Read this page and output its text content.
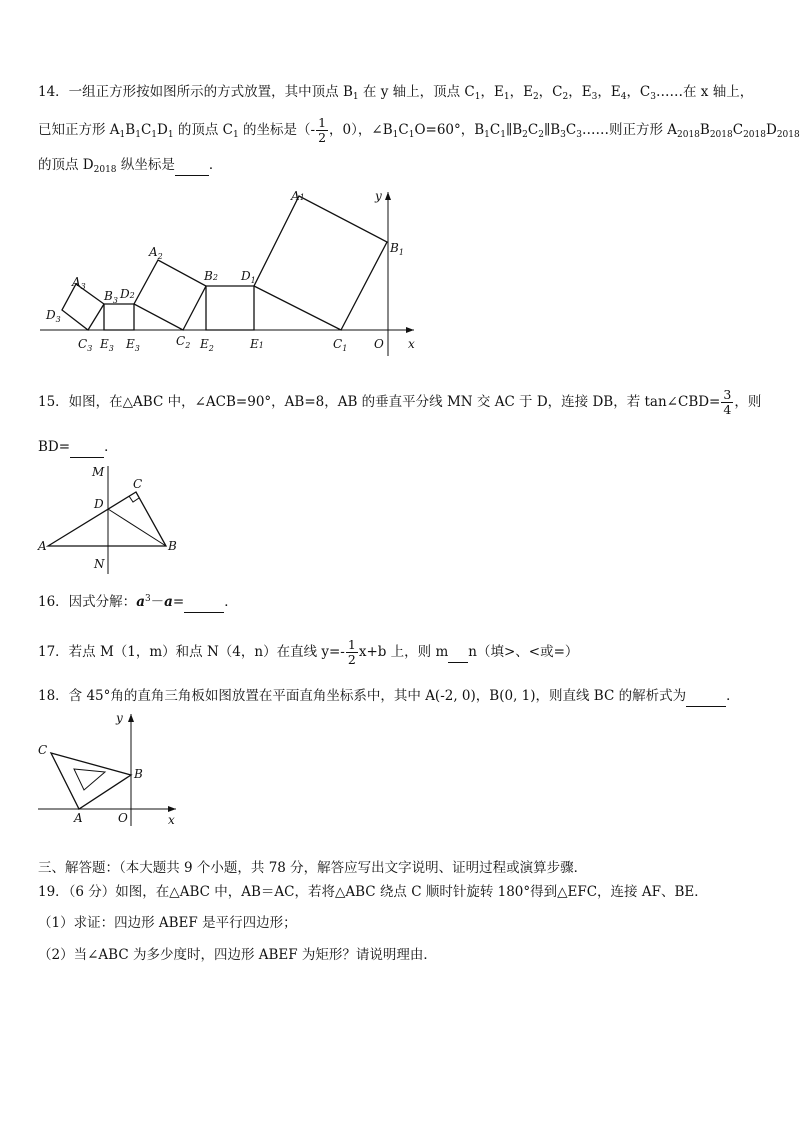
14．一组正方形按如图所示的方式放置，其中顶点 $B_1$ 在 y 轴上，顶点 $C_1$，$E_1$，$E_2$，$C_2$，$E_3$，$E_4$，$C_3\dots\dots$在 x 轴上，
已知正方形 $A_1B_1C_1D_1$ 的顶点 $C_1$ 的坐标是（- $\frac{1}{2}$ ，0），$\angle B_1C_1O=60^\circ$，$B_1C_1\parallel B_2C_2\parallel B_3C_3\dots\dots$则正方形 $A_{2018}B_{2018}C_{2018}D_{2018}$
的顶点 $D_{2018}$ 纵坐标是	．
A1	y
$B_1$
$A_2$
B2 $D_1$
$A_3$
$B_3$ D2
$D_3$
$C_3$ $E_3$ $E_3$
$C_2$ $E_2$	E1	$C_1$ O x
15．如图，在△ABC 中，∠ACB=90°，AB=8，AB 的垂直平分线 MN 交 AC 于 D，连接 DB，若 tan∠CBD= $\frac{3}{4}$ ，则
BD=	．
M
C
D
A	B
N
16．因式分解：$a^3-a=$	．
17．若点 M（1，m）和点 N（4，n）在直线 $y=- \frac{1}{2} x+b$ 上，则 m n（填>、<或=）
18．含 45°角的直角三角板如图放置在平面直角坐标系中，其中 A(-2, 0)，B(0, 1)，则直线 BC 的解析式为	．
y
C
B
A	O	x
三、解答题：（本大题共 9 个小题，共 78 分，解答应写出文字说明、证明过程或演算步骤．
19．（6 分）如图，在△ABC 中，AB＝AC，若将△ABC 绕点 C 顺时针旋转 180°得到△EFC，连接 AF、BE．
（1）求证：四边形 ABEF 是平行四边形；
（2）当∠ABC 为多少度时，四边形 ABEF 为矩形？请说明理由．
